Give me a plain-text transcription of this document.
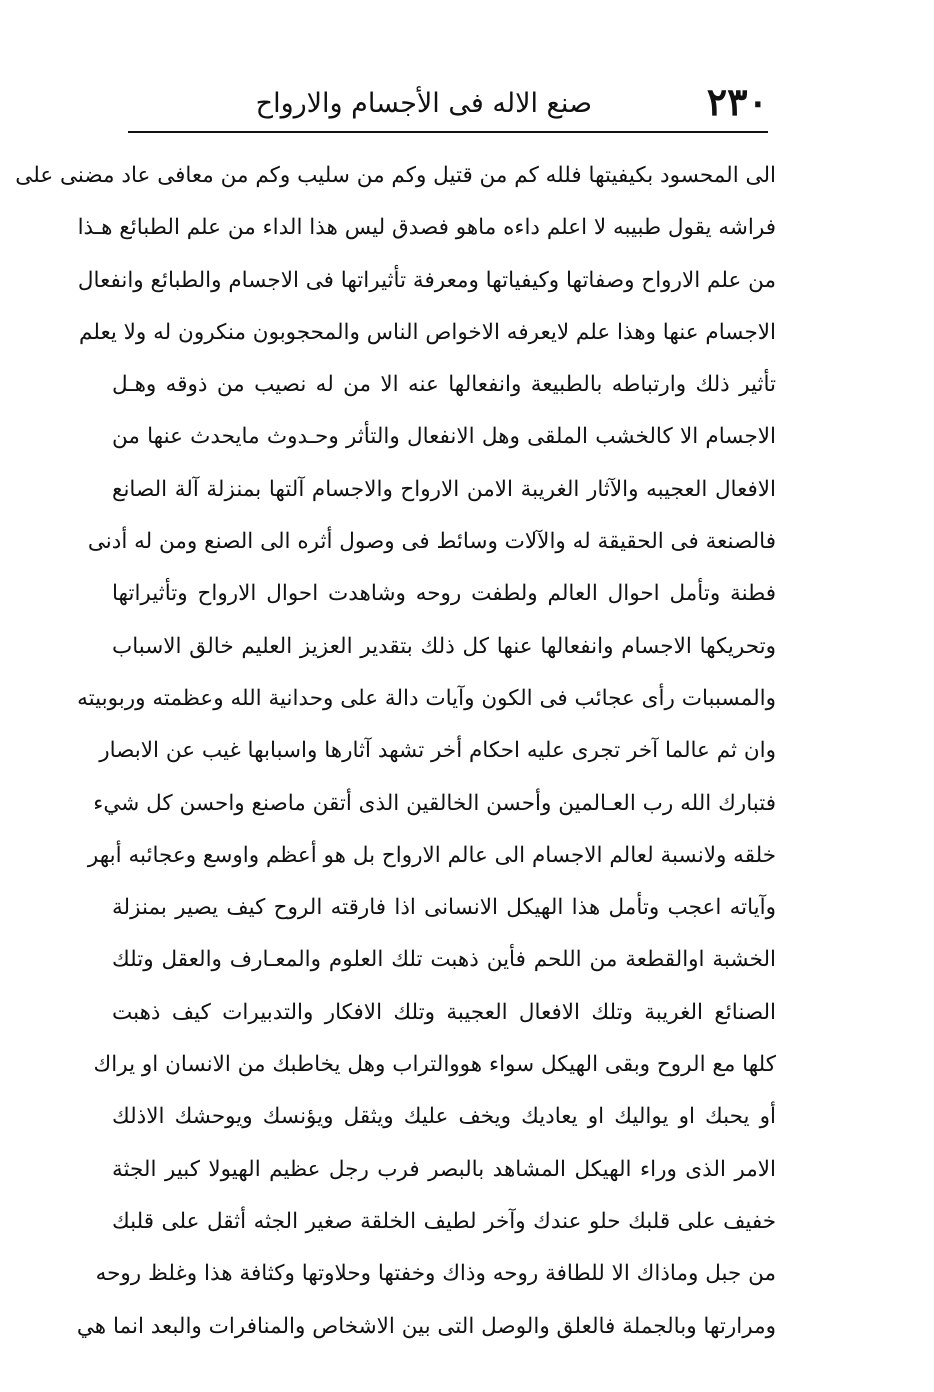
٢٣٠
صنع الاله فى الأجسام والارواح
الى المحسود بكيفيتها فلله كم من قتيل وكم من سليب وكم من معافى عاد مضنى على
فراشه يقول طبيبه لا اعلم داءه ماهو فصدق ليس هذا الداء من علم الطبائع هـذا
من علم الارواح وصفاتها وكيفياتها ومعرفة تأثيراتها فى الاجسام والطبائع وانفعال
الاجسام عنها وهذا علم لايعرفه الاخواص الناس والمحجوبون منكرون له ولا يعلم
تأثير ذلك وارتباطه بالطبيعة وانفعالها عنه الا من له نصيب من ذوقه وهـل
الاجسام الا كالخشب الملقى وهل الانفعال والتأثر وحـدوث مايحدث عنها من
الافعال العجيبه والآثار الغريبة الامن الارواح والاجسام آلتها بمنزلة آلة الصانع
فالصنعة فى الحقيقة له والآلات وسائط فى وصول أثره الى الصنع ومن له أدنى
فطنة وتأمل احوال العالم ولطفت روحه وشاهدت احوال الارواح وتأثيراتها
وتحريكها الاجسام وانفعالها عنها كل ذلك بتقدير العزيز العليم خالق الاسباب
والمسببات رأى عجائب فى الكون وآيات دالة على وحدانية الله وعظمته وربوبيته
وان ثم عالما آخر تجرى عليه احكام أخر تشهد آثارها واسبابها غيب عن الابصار
فتبارك الله رب العـالمين وأحسن الخالقين الذى أتقن ماصنع واحسن كل شيء
خلقه ولانسبة لعالم الاجسام الى عالم الارواح بل هو أعظم واوسع وعجائبه أبهر
وآياته اعجب وتأمل هذا الهيكل الانسانى اذا فارقته الروح كيف يصير بمنزلة
الخشبة اوالقطعة من اللحم فأين ذهبت تلك العلوم والمعـارف والعقل وتلك
الصنائع الغريبة وتلك الافعال العجيبة وتلك الافكار والتدبيرات كيف ذهبت
كلها مع الروح وبقى الهيكل سواء هووالتراب وهل يخاطبك من الانسان او يراك
أو يحبك او يواليك او يعاديك ويخف عليك ويثقل ويؤنسك ويوحشك الاذلك
الامر الذى وراء الهيكل المشاهد بالبصر فرب رجل عظيم الهيولا كبير الجثة
خفيف على قلبك حلو عندك وآخر لطيف الخلقة صغير الجثه أثقل على قلبك
من جبل وماذاك الا للطافة روحه وذاك وخفتها وحلاوتها وكثافة هذا وغلظ روحه
ومرارتها وبالجملة فالعلق والوصل التى بين الاشخاص والمنافرات والبعد انما هي
